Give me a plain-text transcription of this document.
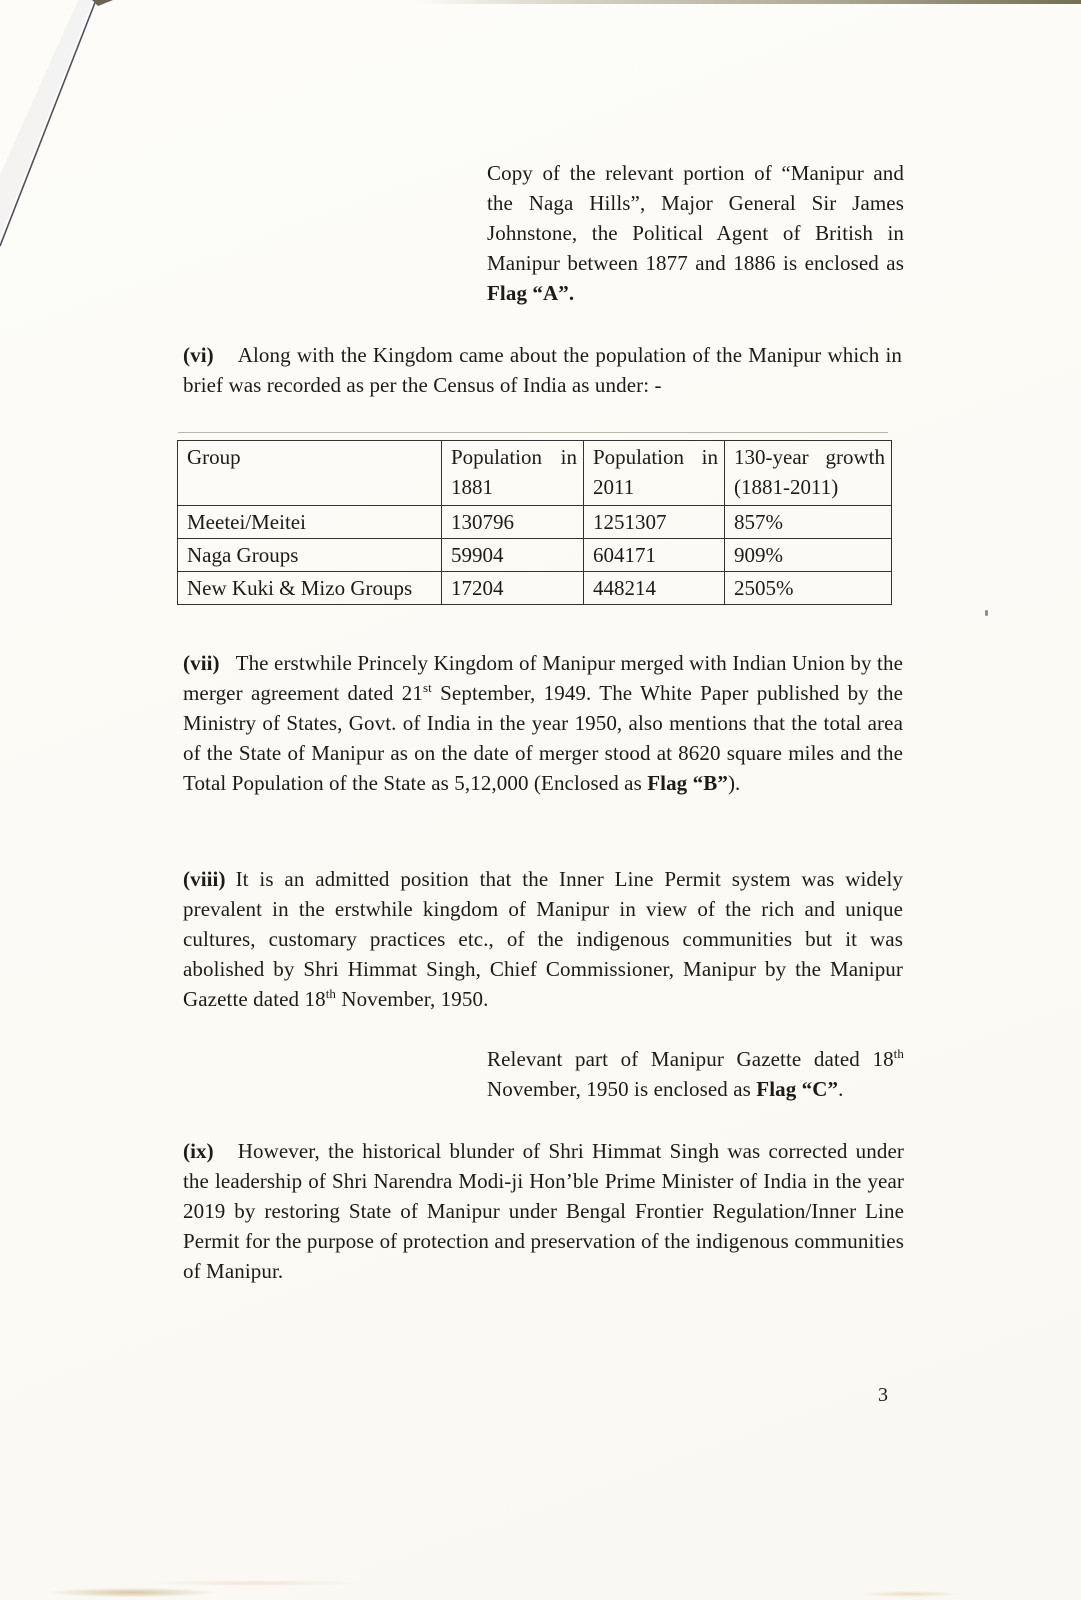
Copy of the relevant portion of “Manipur and the Naga Hills”, Major General Sir James Johnstone, the Political Agent of British in Manipur between 1877 and 1886 is enclosed as Flag “A”.
(vi) Along with the Kingdom came about the population of the Manipur which in brief was recorded as per the Census of India as under: -
Group	Population in 1881	Population in 2011	130-year growth (1881-2011)
Meetei/Meitei	130796	1251307	857%
Naga Groups	59904	604171	909%
New Kuki & Mizo Groups	17204	448214	2505%
(vii) The erstwhile Princely Kingdom of Manipur merged with Indian Union by the merger agreement dated 21st September, 1949. The White Paper published by the Ministry of States, Govt. of India in the year 1950, also mentions that the total area of the State of Manipur as on the date of merger stood at 8620 square miles and the Total Population of the State as 5,12,000 (Enclosed as Flag “B”).
(viii) It is an admitted position that the Inner Line Permit system was widely prevalent in the erstwhile kingdom of Manipur in view of the rich and unique cultures, customary practices etc., of the indigenous communities but it was abolished by Shri Himmat Singh, Chief Commissioner, Manipur by the Manipur Gazette dated 18th November, 1950.
Relevant part of Manipur Gazette dated 18th November, 1950 is enclosed as Flag “C”.
(ix) However, the historical blunder of Shri Himmat Singh was corrected under the leadership of Shri Narendra Modi-ji Hon’ble Prime Minister of India in the year 2019 by restoring State of Manipur under Bengal Frontier Regulation/Inner Line Permit for the purpose of protection and preservation of the indigenous communities of Manipur.
3
